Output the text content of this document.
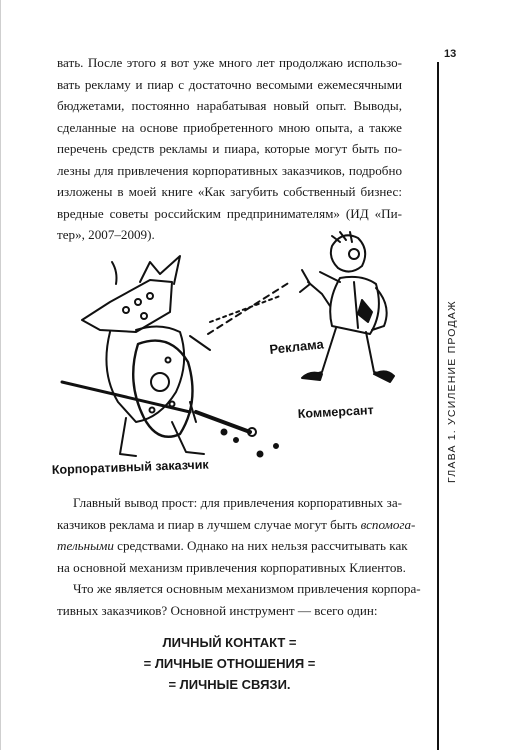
13
ГЛАВА 1. УСИЛЕНИЕ ПРОДАЖ

вать. После этого я вот уже много лет продолжаю использо-
вать рекламу и пиар с достаточно весомыми ежемесячными
бюджетами, постоянно нарабатывая новый опыт. Выводы,
сделанные на основе приобретенного мною опыта, а также
перечень средств рекламы и пиара, которые могут быть по-
лезны для привлечения корпоративных заказчиков, подробно
изложены в моей книге «Как загубить собственный бизнес:
вредные советы российским предпринимателям» (ИД «Пи-
тер», 2007–2009).

Реклама
Коммерсант
Корпоративный заказчик

Главный вывод прост: для привлечения корпоративных за-
казчиков реклама и пиар в лучшем случае могут быть вспомога-
тельными средствами. Однако на них нельзя рассчитывать как
на основной механизм привлечения корпоративных Клиентов.

Что же является основным механизмом привлечения корпора-
тивных заказчиков? Основной инструмент — всего один:

ЛИЧНЫЙ КОНТАКТ =
= ЛИЧНЫЕ ОТНОШЕНИЯ =
= ЛИЧНЫЕ СВЯЗИ.
